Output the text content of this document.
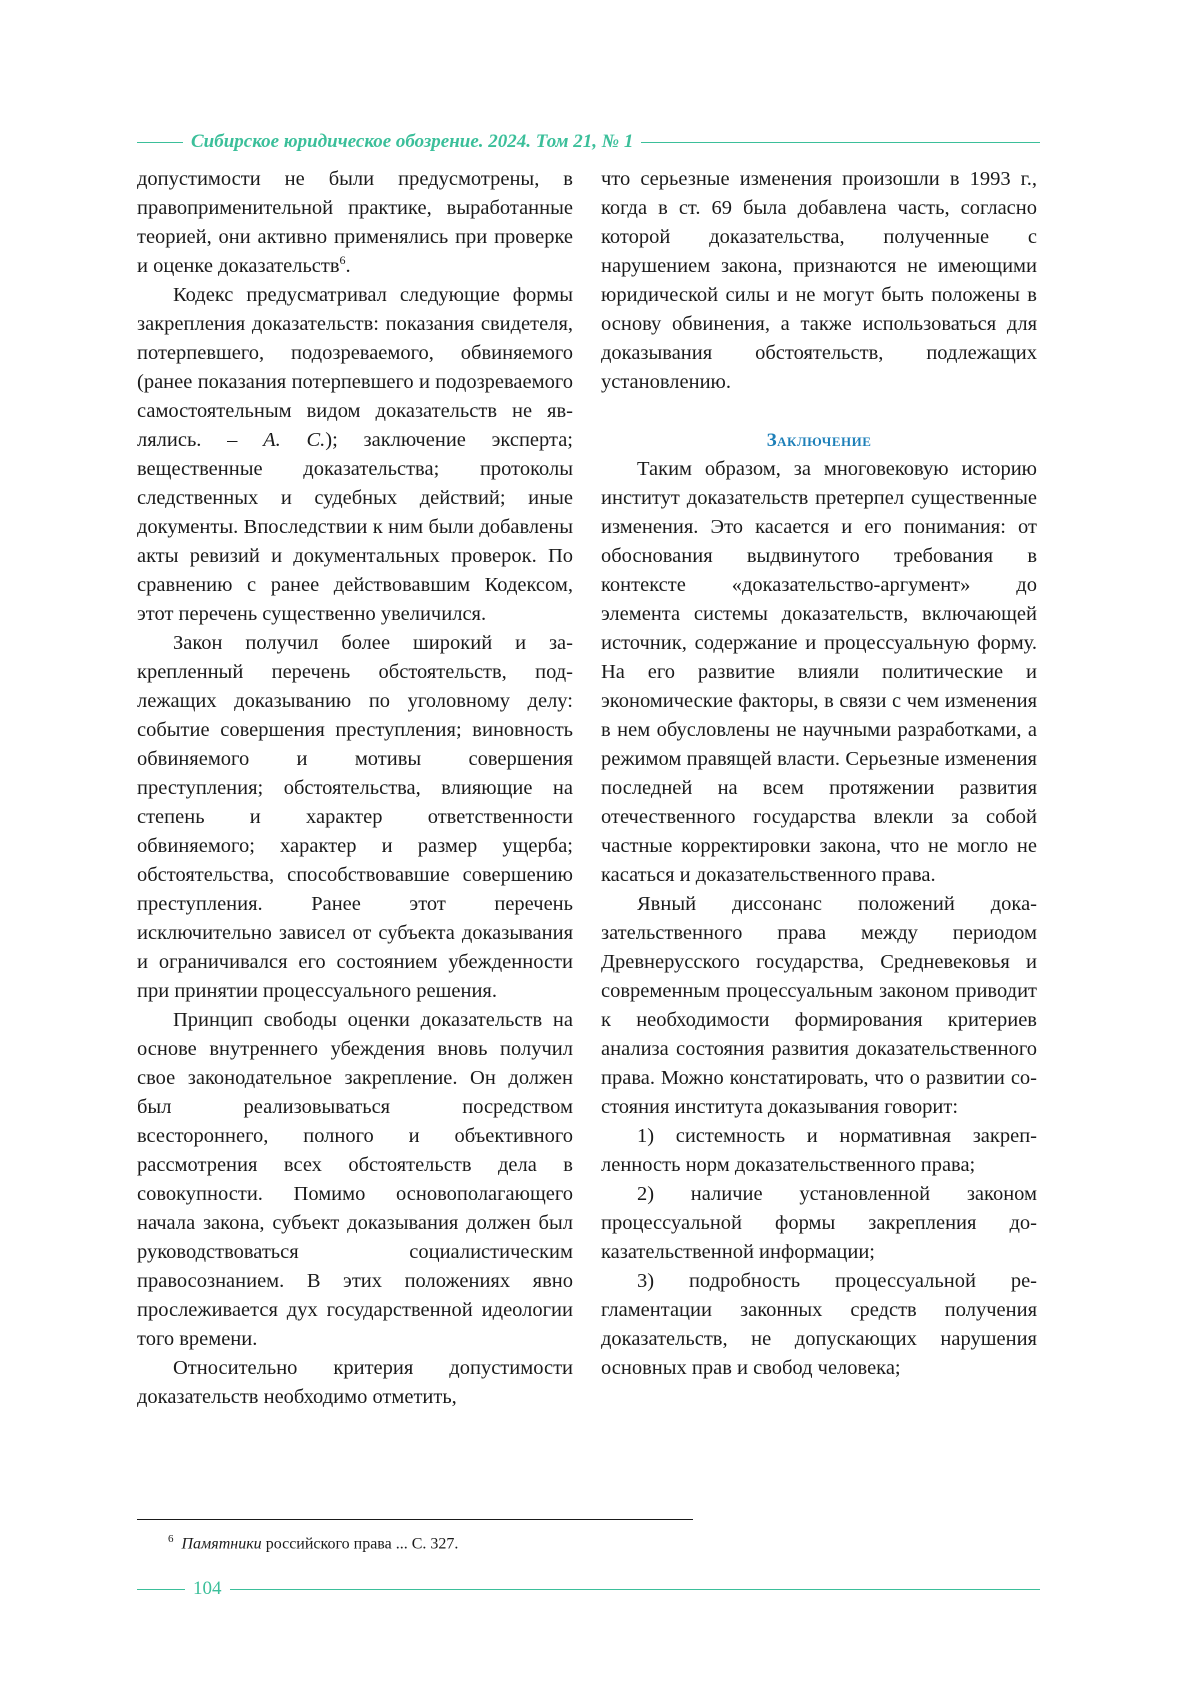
Сибирское юридическое обозрение. 2024. Том 21, № 1

допустимости не были предусмотрены, в правоприменительной практике, выработанные теорией, они активно применялись при проверке и оценке доказательств$^6$.

Кодекс предусматривал следующие формы закрепления доказательств: показания свидетеля, потерпевшего, подозреваемого, обвиняемого (ранее показания потерпевшего и подозреваемого самостоятельным видом доказательств не являлись. – А. С.); заключение эксперта; вещественные доказательства; протоколы следственных и судебных действий; иные документы. Впоследствии к ним были добавлены акты ревизий и документальных проверок. По сравнению с ранее действовавшим Кодексом, этот перечень существенно увеличился.

Закон получил более широкий и закрепленный перечень обстоятельств, подлежащих доказыванию по уголовному делу: событие совершения преступления; виновность обвиняемого и мотивы совершения преступления; обстоятельства, влияющие на степень и характер ответственности обвиняемого; характер и размер ущерба; обстоятельства, способствовавшие совершению преступления. Ранее этот перечень исключительно зависел от субъекта доказывания и ограничивался его состоянием убежденности при принятии процессуального решения.

Принцип свободы оценки доказательств на основе внутреннего убеждения вновь получил свое законодательное закрепление. Он должен был реализовываться посредством всестороннего, полного и объективного рассмотрения всех обстоятельств дела в совокупности. Помимо основополагающего начала закона, субъект доказывания должен был руководствоваться социалистическим правосознанием. В этих положениях явно прослеживается дух государственной идеологии того времени.

Относительно критерия допустимости доказательств необходимо отметить,

что серьезные изменения произошли в 1993 г., когда в ст. 69 была добавлена часть, согласно которой доказательства, полученные с нарушением закона, признаются не имеющими юридической силы и не могут быть положены в основу обвинения, а также использоваться для доказывания обстоятельств, подлежащих установлению.

Заключение

Таким образом, за многовековую историю институт доказательств претерпел существенные изменения. Это касается и его понимания: от обоснования выдвинутого требования в контексте «доказательство-аргумент» до элемента системы доказательств, включающей источник, содержание и процессуальную форму. На его развитие влияли политические и экономические факторы, в связи с чем изменения в нем обусловлены не научными разработками, а режимом правящей власти. Серьезные изменения последней на всем протяжении развития отечественного государства влекли за собой частные корректировки закона, что не могло не касаться и доказательственного права.

Явный диссонанс положений доказательственного права между периодом Древнерусского государства, Средневековья и современным процессуальным законом приводит к необходимости формирования критериев анализа состояния развития доказательственного права. Можно констатировать, что о развитии состояния института доказывания говорит:

1) системность и нормативная закрепленность норм доказательственного права;

2) наличие установленной законом процессуальной формы закрепления доказательственной информации;

3) подробность процессуальной регламентации законных средств получения доказательств, не допускающих нарушения основных прав и свобод человека;

$^6$ Памятники российского права ... С. 327.
104
